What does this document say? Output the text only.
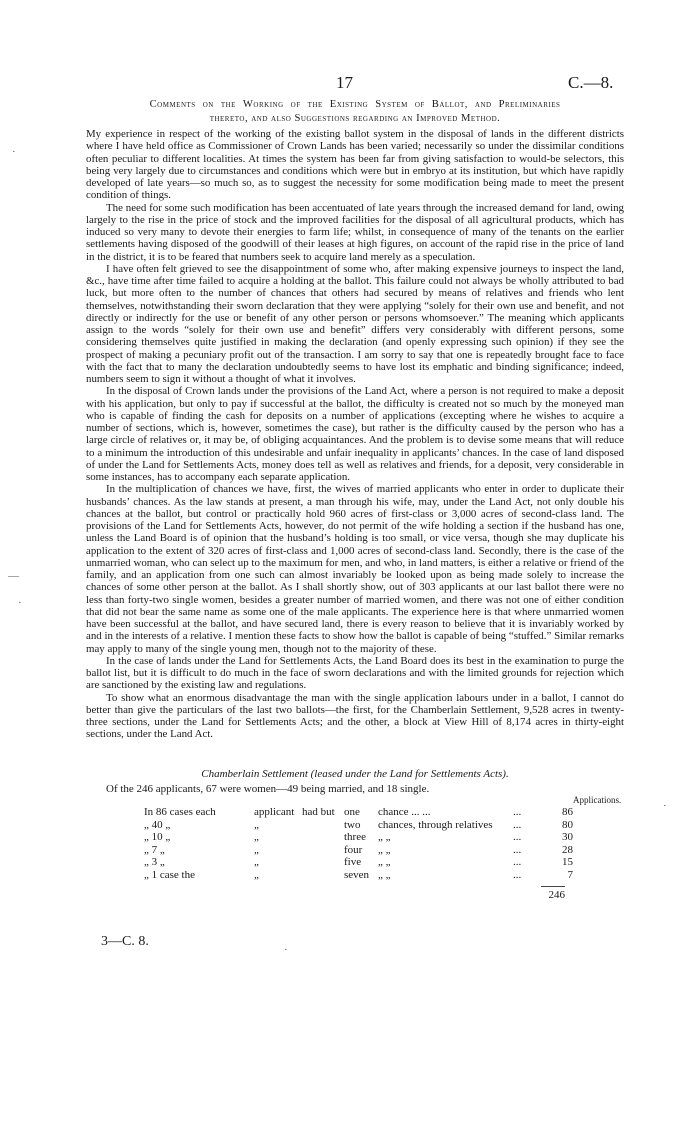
17	C.—8.
Comments on the Working of the Existing System of Ballot, and Preliminaries
thereto, and also Suggestions regarding an Improved Method.

My experience in respect of the working of the existing ballot system in the disposal of lands in the different districts where I have held office as Commissioner of Crown Lands has been varied; necessarily so under the dissimilar conditions often peculiar to different localities. At times the system has been far from giving satisfaction to would-be selectors, this being very largely due to circumstances and conditions which were but in embryo at its institution, but which have rapidly developed of late years—so much so, as to suggest the necessity for some modification being made to meet the present condition of things.

The need for some such modification has been accentuated of late years through the increased demand for land, owing largely to the rise in the price of stock and the improved facilities for the disposal of all agricultural products, which has induced so very many to devote their energies to farm life; whilst, in consequence of many of the tenants on the earlier settlements having disposed of the goodwill of their leases at high figures, on account of the rapid rise in the price of land in the district, it is to be feared that numbers seek to acquire land merely as a speculation.

I have often felt grieved to see the disappointment of some who, after making expensive journeys to inspect the land, &c., have time after time failed to acquire a holding at the ballot. This failure could not always be wholly attributed to bad luck, but more often to the number of chances that others had secured by means of relatives and friends who lent themselves, notwithstanding their sworn declaration that they were applying “solely for their own use and benefit, and not directly or indirectly for the use or benefit of any other person or persons whomsoever.” The meaning which applicants assign to the words “solely for their own use and benefit” differs very considerably with different persons, some considering themselves quite justified in making the declaration (and openly expressing such opinion) if they see the prospect of making a pecuniary profit out of the transaction. I am sorry to say that one is repeatedly brought face to face with the fact that to many the declaration undoubtedly seems to have lost its emphatic and binding significance; indeed, numbers seem to sign it without a thought of what it involves.

In the disposal of Crown lands under the provisions of the Land Act, where a person is not required to make a deposit with his application, but only to pay if successful at the ballot, the difficulty is created not so much by the moneyed man who is capable of finding the cash for deposits on a number of applications (excepting where he wishes to acquire a number of sections, which is, however, sometimes the case), but rather is the difficulty caused by the person who has a large circle of relatives or, it may be, of obliging acquaintances. And the problem is to devise some means that will reduce to a minimum the introduction of this undesirable and unfair inequality in applicants’ chances. In the case of land disposed of under the Land for Settlements Acts, money does tell as well as relatives and friends, for a deposit, very considerable in some instances, has to accompany each separate application.

In the multiplication of chances we have, first, the wives of married applicants who enter in order to duplicate their husbands’ chances. As the law stands at present, a man through his wife, may, under the Land Act, not only double his chances at the ballot, but control or practically hold 960 acres of first-class or 3,000 acres of second-class land. The provisions of the Land for Settlements Acts, however, do not permit of the wife holding a section if the husband has one, unless the Land Board is of opinion that the husband’s holding is too small, or vice versa, though she may duplicate his application to the extent of 320 acres of first-class and 1,000 acres of second-class land. Secondly, there is the case of the unmarried woman, who can select up to the maximum for men, and who, in land matters, is either a relative or friend of the family, and an application from one such can almost invariably be looked upon as being made solely to increase the chances of some other person at the ballot. As I shall shortly show, out of 303 applicants at our last ballot there were no less than forty-two single women, besides a greater number of married women, and there was not one of either condition that did not bear the same name as some one of the male applicants. The experience here is that where unmarried women have been successful at the ballot, and have secured land, there is every reason to believe that it is invariably worked by and in the interests of a relative. I mention these facts to show how the ballot is capable of being “stuffed.” Similar remarks may apply to many of the single young men, though not to the majority of these.

In the case of lands under the Land for Settlements Acts, the Land Board does its best in the examination to purge the ballot list, but it is difficult to do much in the face of sworn declarations and with the limited grounds for rejection which are sanctioned by the existing law and regulations.

To show what an enormous disadvantage the man with the single application labours under in a ballot, I cannot do better than give the particulars of the last two ballots—the first, for the Chamberlain Settlement, 9,528 acres in twenty-three sections, under the Land for Settlements Acts; and the other, a block at View Hill of 8,174 acres in thirty-eight sections, under the Land Act.

Chamberlain Settlement (leased under the Land for Settlements Acts).
Of the 246 applicants, 67 were women—49 being married, and 18 single.
Applications.
In 86 cases each	applicant	had but	one	chance ... ...	...	86
„ 40 „	„		two	chances, through relatives	...	80
„ 10 „	„		three	„ „	...	30
„ 7 „	„		four	„ „	...	28
„ 3 „	„		five	„ „	...	15
„ 1 case the	„		seven	„ „	...	7
246
3—C. 8.
·
—
·
·
·
